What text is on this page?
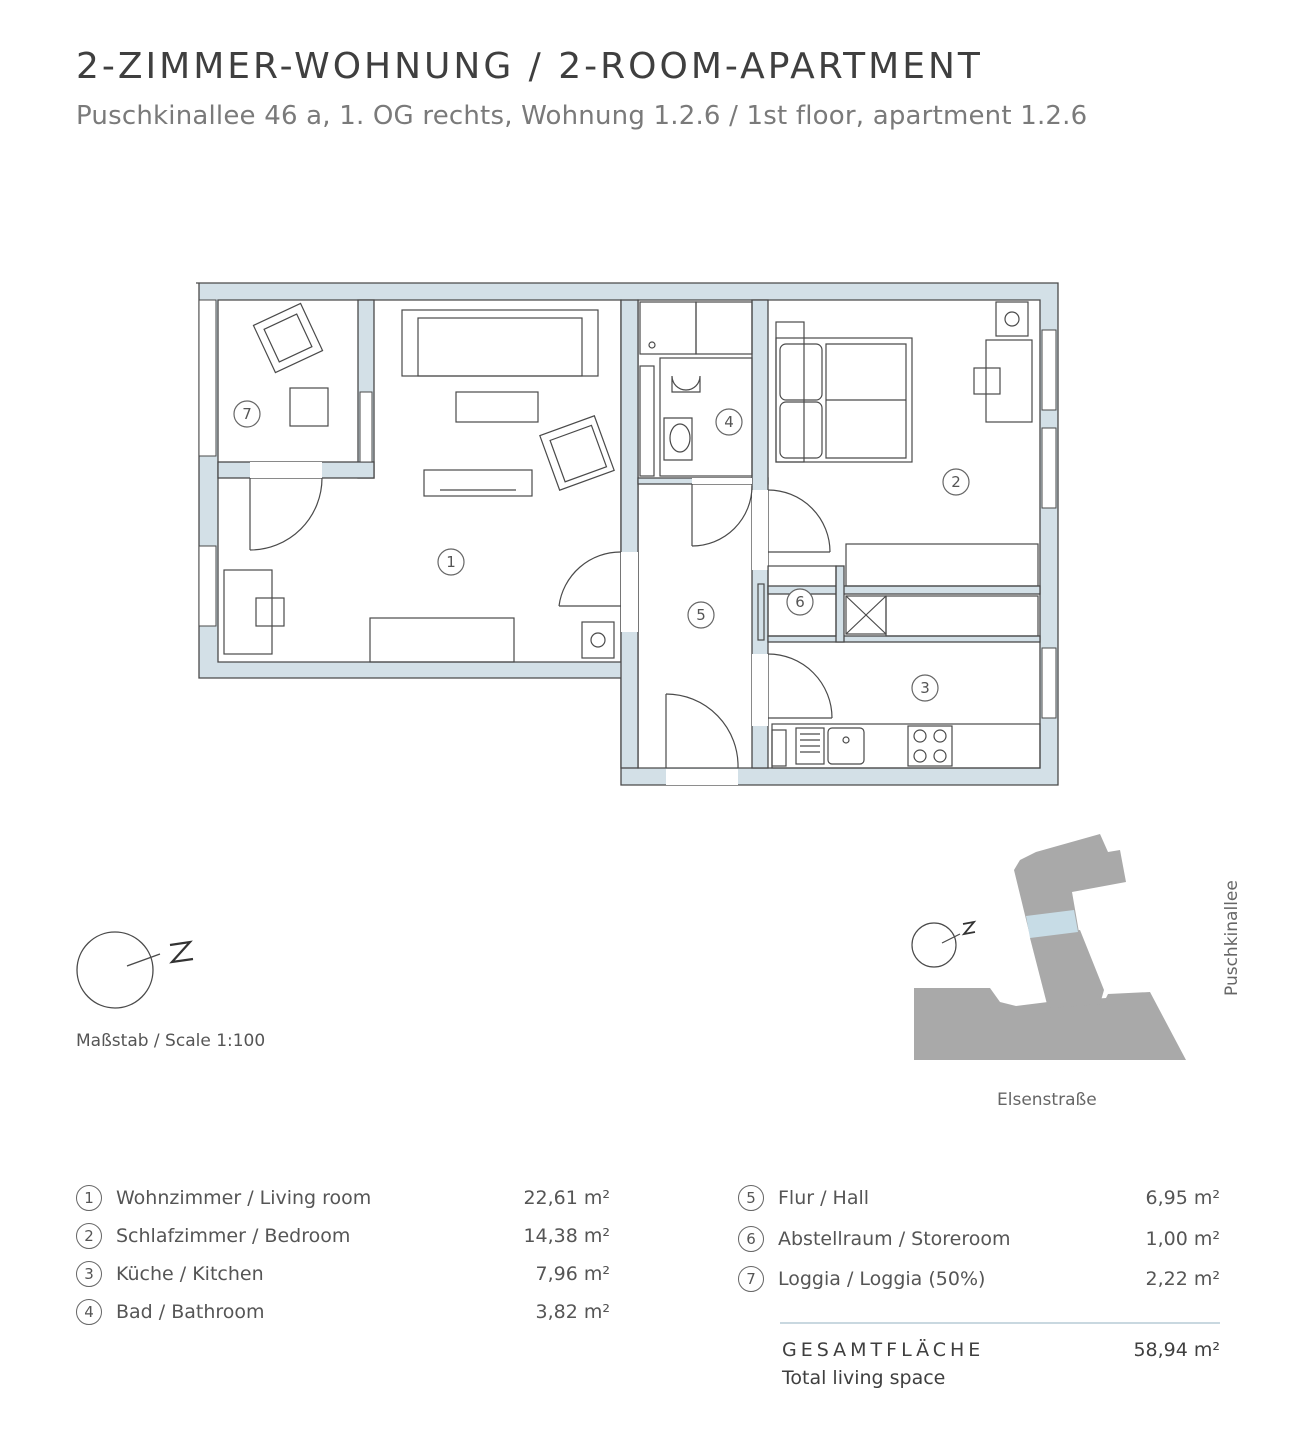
2-ZIMMER-WOHNUNG / 2-ROOM-APARTMENT
Puschkinallee 46 a, 1. OG rechts, Wohnung 1.2.6 / 1st floor, apartment 1.2.6
7
1
2
3
4
5
6
Maßstab / Scale 1:100
Elsenstraße
Puschkinallee
1	Wohnzimmer / Living room	22,61 m²
2	Schlafzimmer / Bedroom	14,38 m²
3	Küche / Kitchen	7,96 m²
4	Bad / Bathroom	3,82 m²
5	Flur / Hall	6,95 m²
6	Abstellraum / Storeroom	1,00 m²
7	Loggia / Loggia (50%)	2,22 m²
GESAMTFLÄCHE
Total living space
58,94 m²
